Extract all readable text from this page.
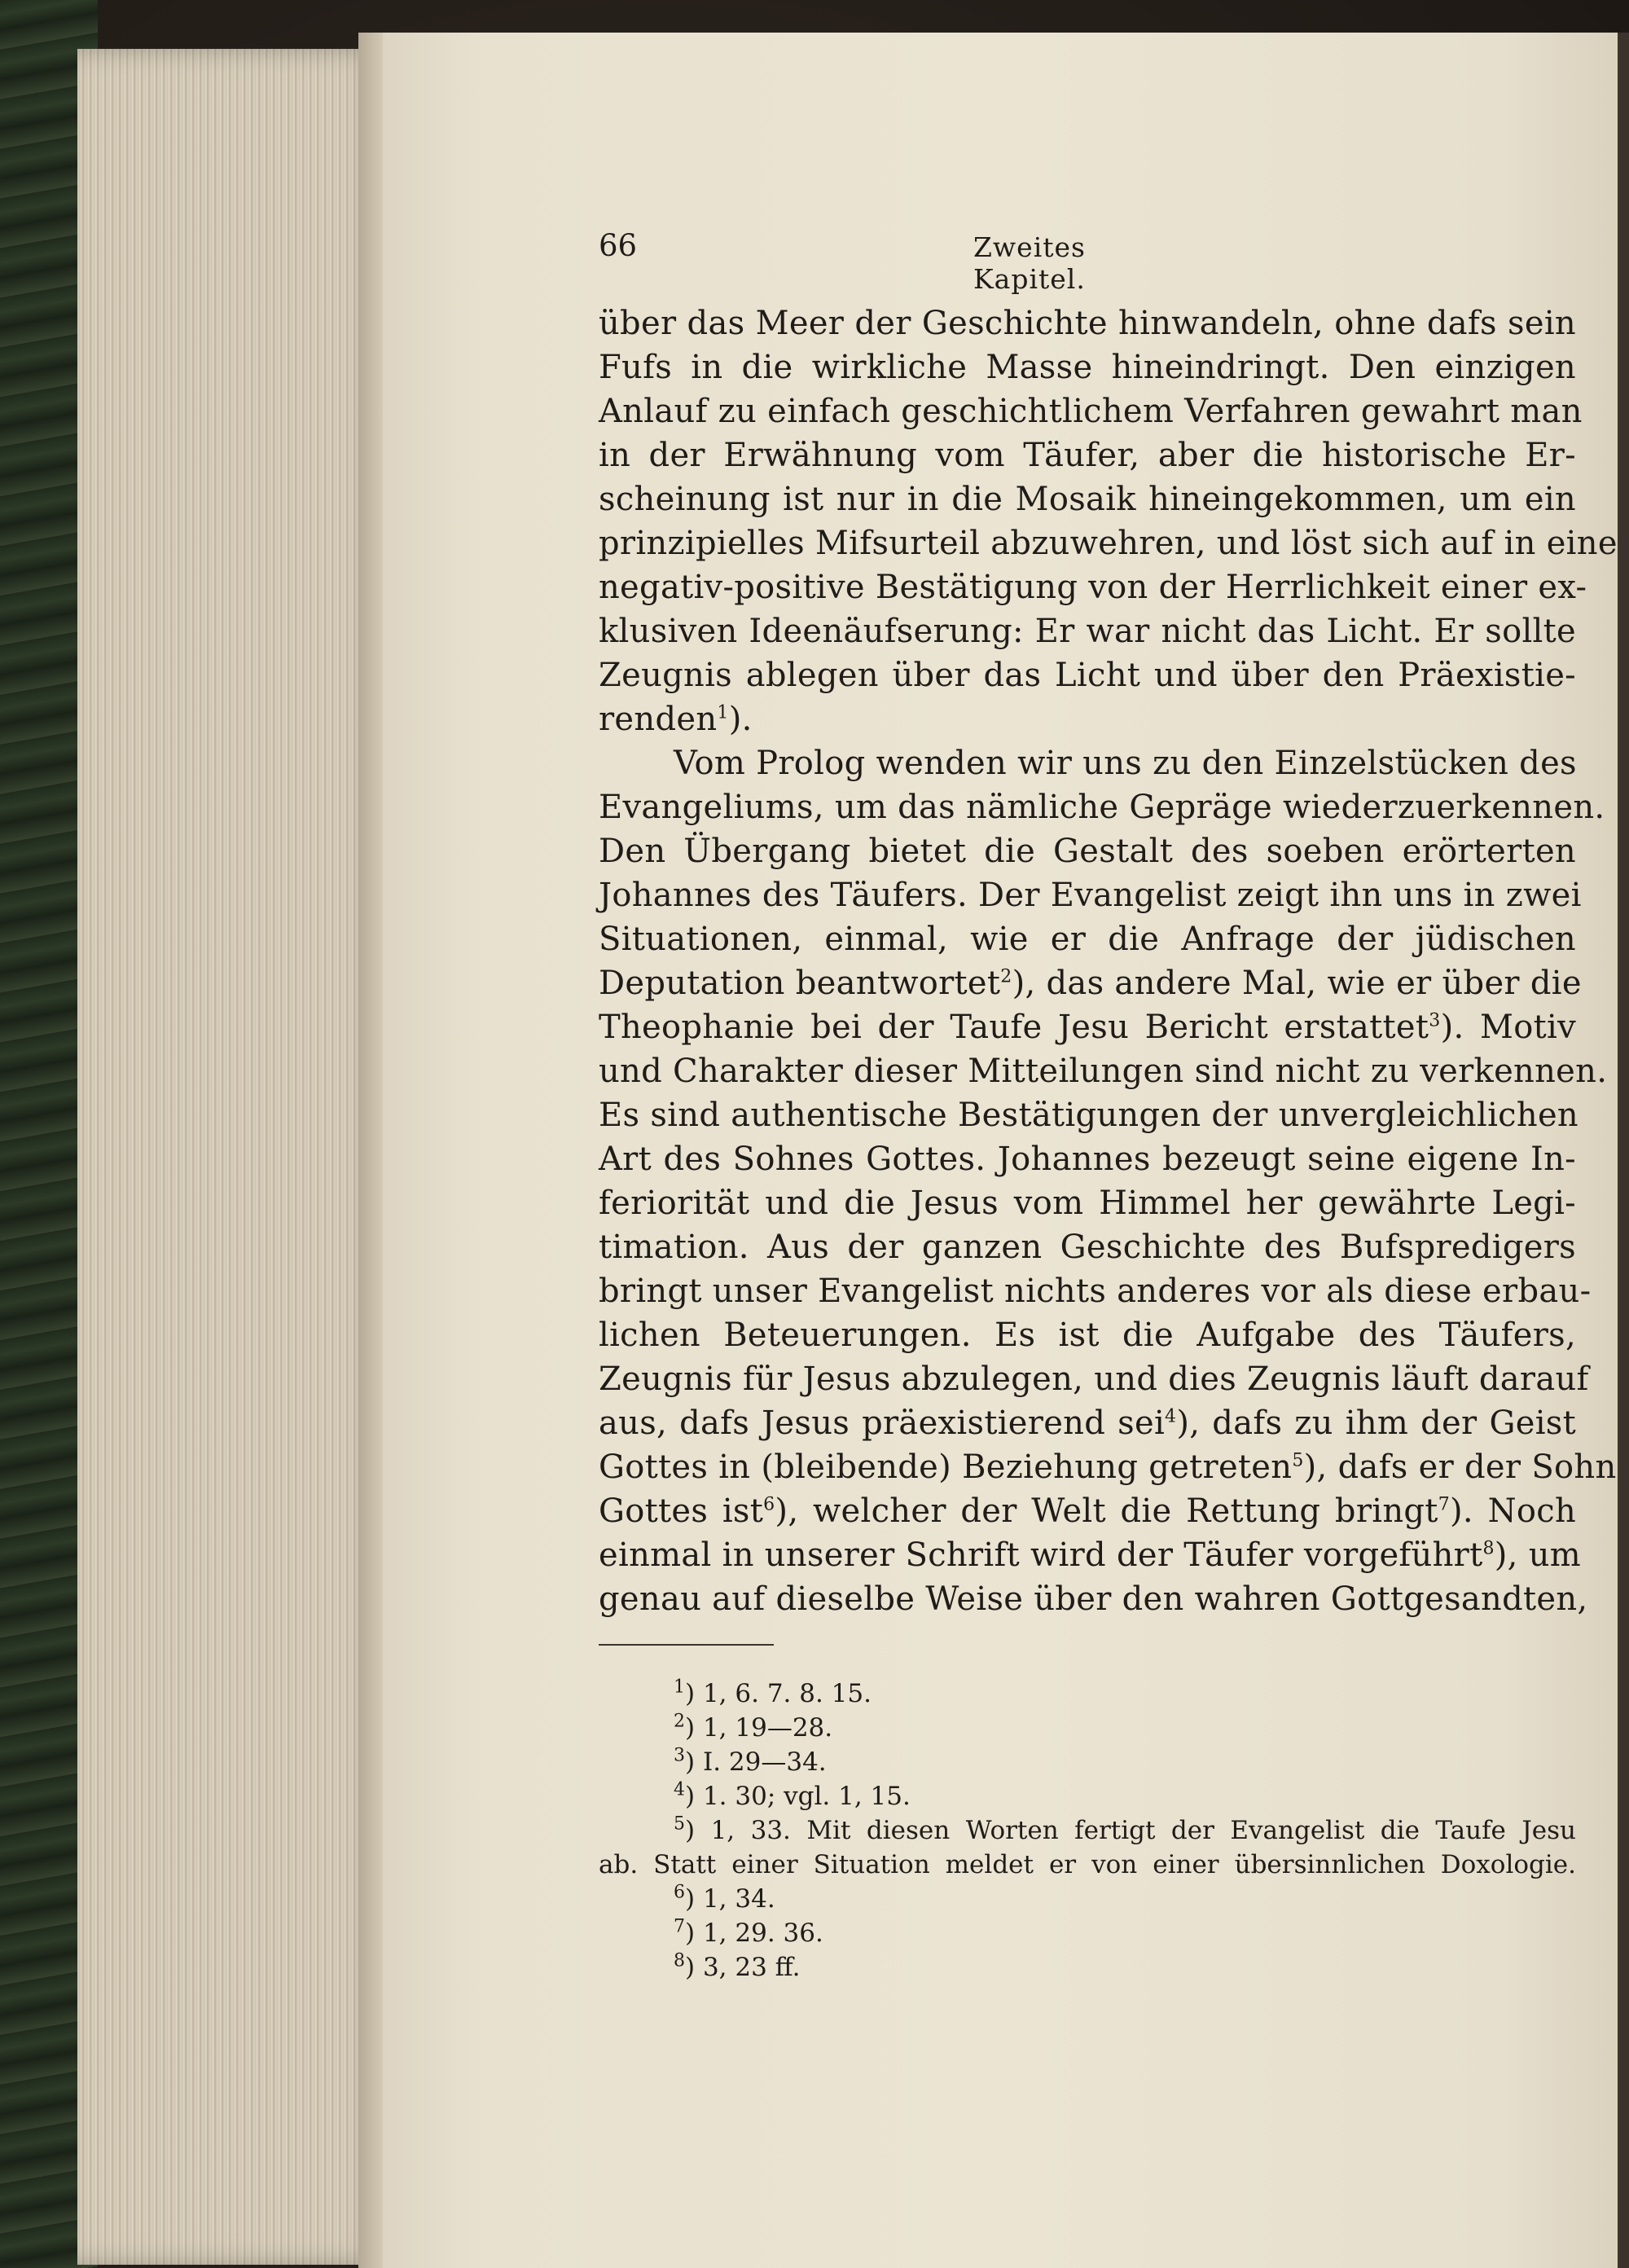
66	Zweites Kapitel.
über das Meer der Geschichte hinwandeln, ohne dafs sein
Fufs in die wirkliche Masse hineindringt. Den einzigen
Anlauf zu einfach geschichtlichem Verfahren gewahrt man
in der Erwähnung vom Täufer, aber die historische Er-
scheinung ist nur in die Mosaik hineingekommen, um ein
prinzipielles Mifsurteil abzuwehren, und löst sich auf in eine
negativ-positive Bestätigung von der Herrlichkeit einer ex-
klusiven Ideenäufserung: Er war nicht das Licht. Er sollte
Zeugnis ablegen über das Licht und über den Präexistie-
renden$^1$).
Vom Prolog wenden wir uns zu den Einzelstücken des
Evangeliums, um das nämliche Gepräge wiederzuerkennen.
Den Übergang bietet die Gestalt des soeben erörterten
Johannes des Täufers. Der Evangelist zeigt ihn uns in zwei
Situationen, einmal, wie er die Anfrage der jüdischen
Deputation beantwortet$^2$), das andere Mal, wie er über die
Theophanie bei der Taufe Jesu Bericht erstattet$^3$). Motiv
und Charakter dieser Mitteilungen sind nicht zu verkennen.
Es sind authentische Bestätigungen der unvergleichlichen
Art des Sohnes Gottes. Johannes bezeugt seine eigene In-
feriorität und die Jesus vom Himmel her gewährte Legi-
timation. Aus der ganzen Geschichte des Bufspredigers
bringt unser Evangelist nichts anderes vor als diese erbau-
lichen Beteuerungen. Es ist die Aufgabe des Täufers,
Zeugnis für Jesus abzulegen, und dies Zeugnis läuft darauf
aus, dafs Jesus präexistierend sei$^4$), dafs zu ihm der Geist
Gottes in (bleibende) Beziehung getreten$^5$), dafs er der Sohn
Gottes ist$^6$), welcher der Welt die Rettung bringt$^7$). Noch
einmal in unserer Schrift wird der Täufer vorgeführt$^8$), um
genau auf dieselbe Weise über den wahren Gottgesandten,
$^1$) 1, 6. 7. 8. 15.
$^2$) 1, 19—28.
$^3$) I. 29—34.
$^4$) 1. 30; vgl. 1, 15.
$^5$) 1, 33. Mit diesen Worten fertigt der Evangelist die Taufe Jesu
ab. Statt einer Situation meldet er von einer übersinnlichen Doxologie.
$^6$) 1, 34.
$^7$) 1, 29. 36.
$^8$) 3, 23 ff.
